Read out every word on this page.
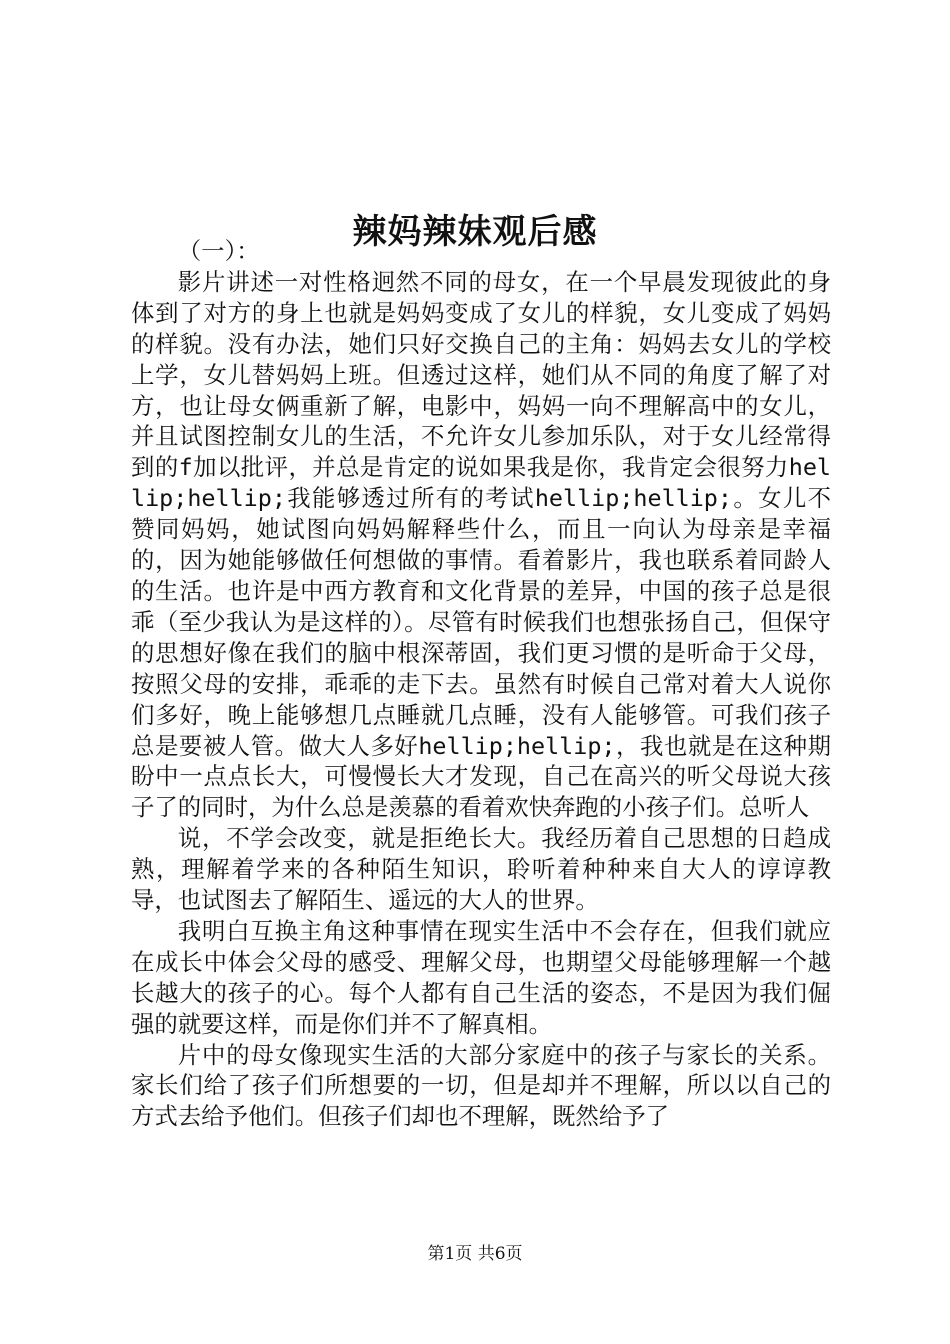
辣妈辣妹观后感

（一）：

影片讲述一对性格迥然不同的母女，在一个早晨发现彼此的身体到了对方的身上也就是妈妈变成了女儿的样貌，女儿变成了妈妈的样貌。没有办法，她们只好交换自己的主角：妈妈去女儿的学校上学，女儿替妈妈上班。但透过这样，她们从不同的角度了解了对方，也让母女俩重新了解，电影中，妈妈一向不理解高中的女儿，并且试图控制女儿的生活，不允许女儿参加乐队，对于女儿经常得到的f加以批评，并总是肯定的说如果我是你，我肯定会很努力hellip;hellip;我能够透过所有的考试hellip;hellip;。女儿不赞同妈妈，她试图向妈妈解释些什么，而且一向认为母亲是幸福的，因为她能够做任何想做的事情。看着影片，我也联系着同龄人的生活。也许是中西方教育和文化背景的差异，中国的孩子总是很乖（至少我认为是这样的）。尽管有时候我们也想张扬自己，但保守的思想好像在我们的脑中根深蒂固，我们更习惯的是听命于父母，按照父母的安排，乖乖的走下去。虽然有时候自己常对着大人说你们多好，晚上能够想几点睡就几点睡，没有人能够管。可我们孩子总是要被人管。做大人多好hellip;hellip;，我也就是在这种期盼中一点点长大，可慢慢长大才发现，自己在高兴的听父母说大孩子了的同时，为什么总是羡慕的看着欢快奔跑的小孩子们。总听人

说，不学会改变，就是拒绝长大。我经历着自己思想的日趋成熟，理解着学来的各种陌生知识，聆听着种种来自大人的谆谆教导，也试图去了解陌生、遥远的大人的世界。

我明白互换主角这种事情在现实生活中不会存在，但我们就应在成长中体会父母的感受、理解父母，也期望父母能够理解一个越长越大的孩子的心。每个人都有自己生活的姿态，不是因为我们倔强的就要这样，而是你们并不了解真相。

片中的母女像现实生活的大部分家庭中的孩子与家长的关系。家长们给了孩子们所想要的一切，但是却并不理解，所以以自己的方式去给予他们。但孩子们却也不理解，既然给予了

第1页 共6页
